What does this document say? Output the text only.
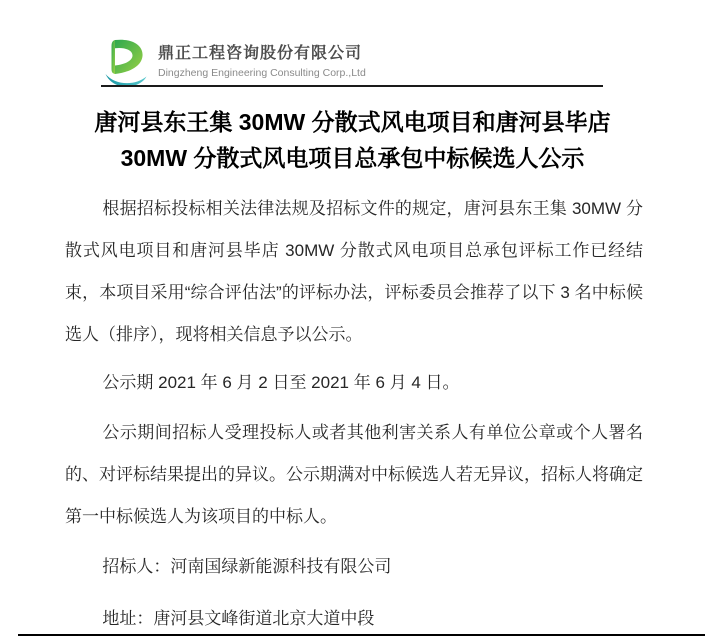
鼎正工程咨询股份有限公司
Dingzheng Engineering Consulting Corp.,Ltd
唐河县东王集 30MW 分散式风电项目和唐河县毕店
30MW 分散式风电项目总承包中标候选人公示

根据招标投标相关法律法规及招标文件的规定，唐河县东王集 30MW 分散式风电项目和唐河县毕店 30MW 分散式风电项目总承包评标工作已经结束，本项目采用“综合评估法”的评标办法，评标委员会推荐了以下 3 名中标候选人（排序），现将相关信息予以公示。

公示期 2021 年 6 月 2 日至 2021 年 6 月 4 日。

公示期间招标人受理投标人或者其他利害关系人有单位公章或个人署名的、对评标结果提出的异议。公示期满对中标候选人若无异议，招标人将确定第一中标候选人为该项目的中标人。

招标人：河南国绿新能源科技有限公司

地址：唐河县文峰街道北京大道中段
